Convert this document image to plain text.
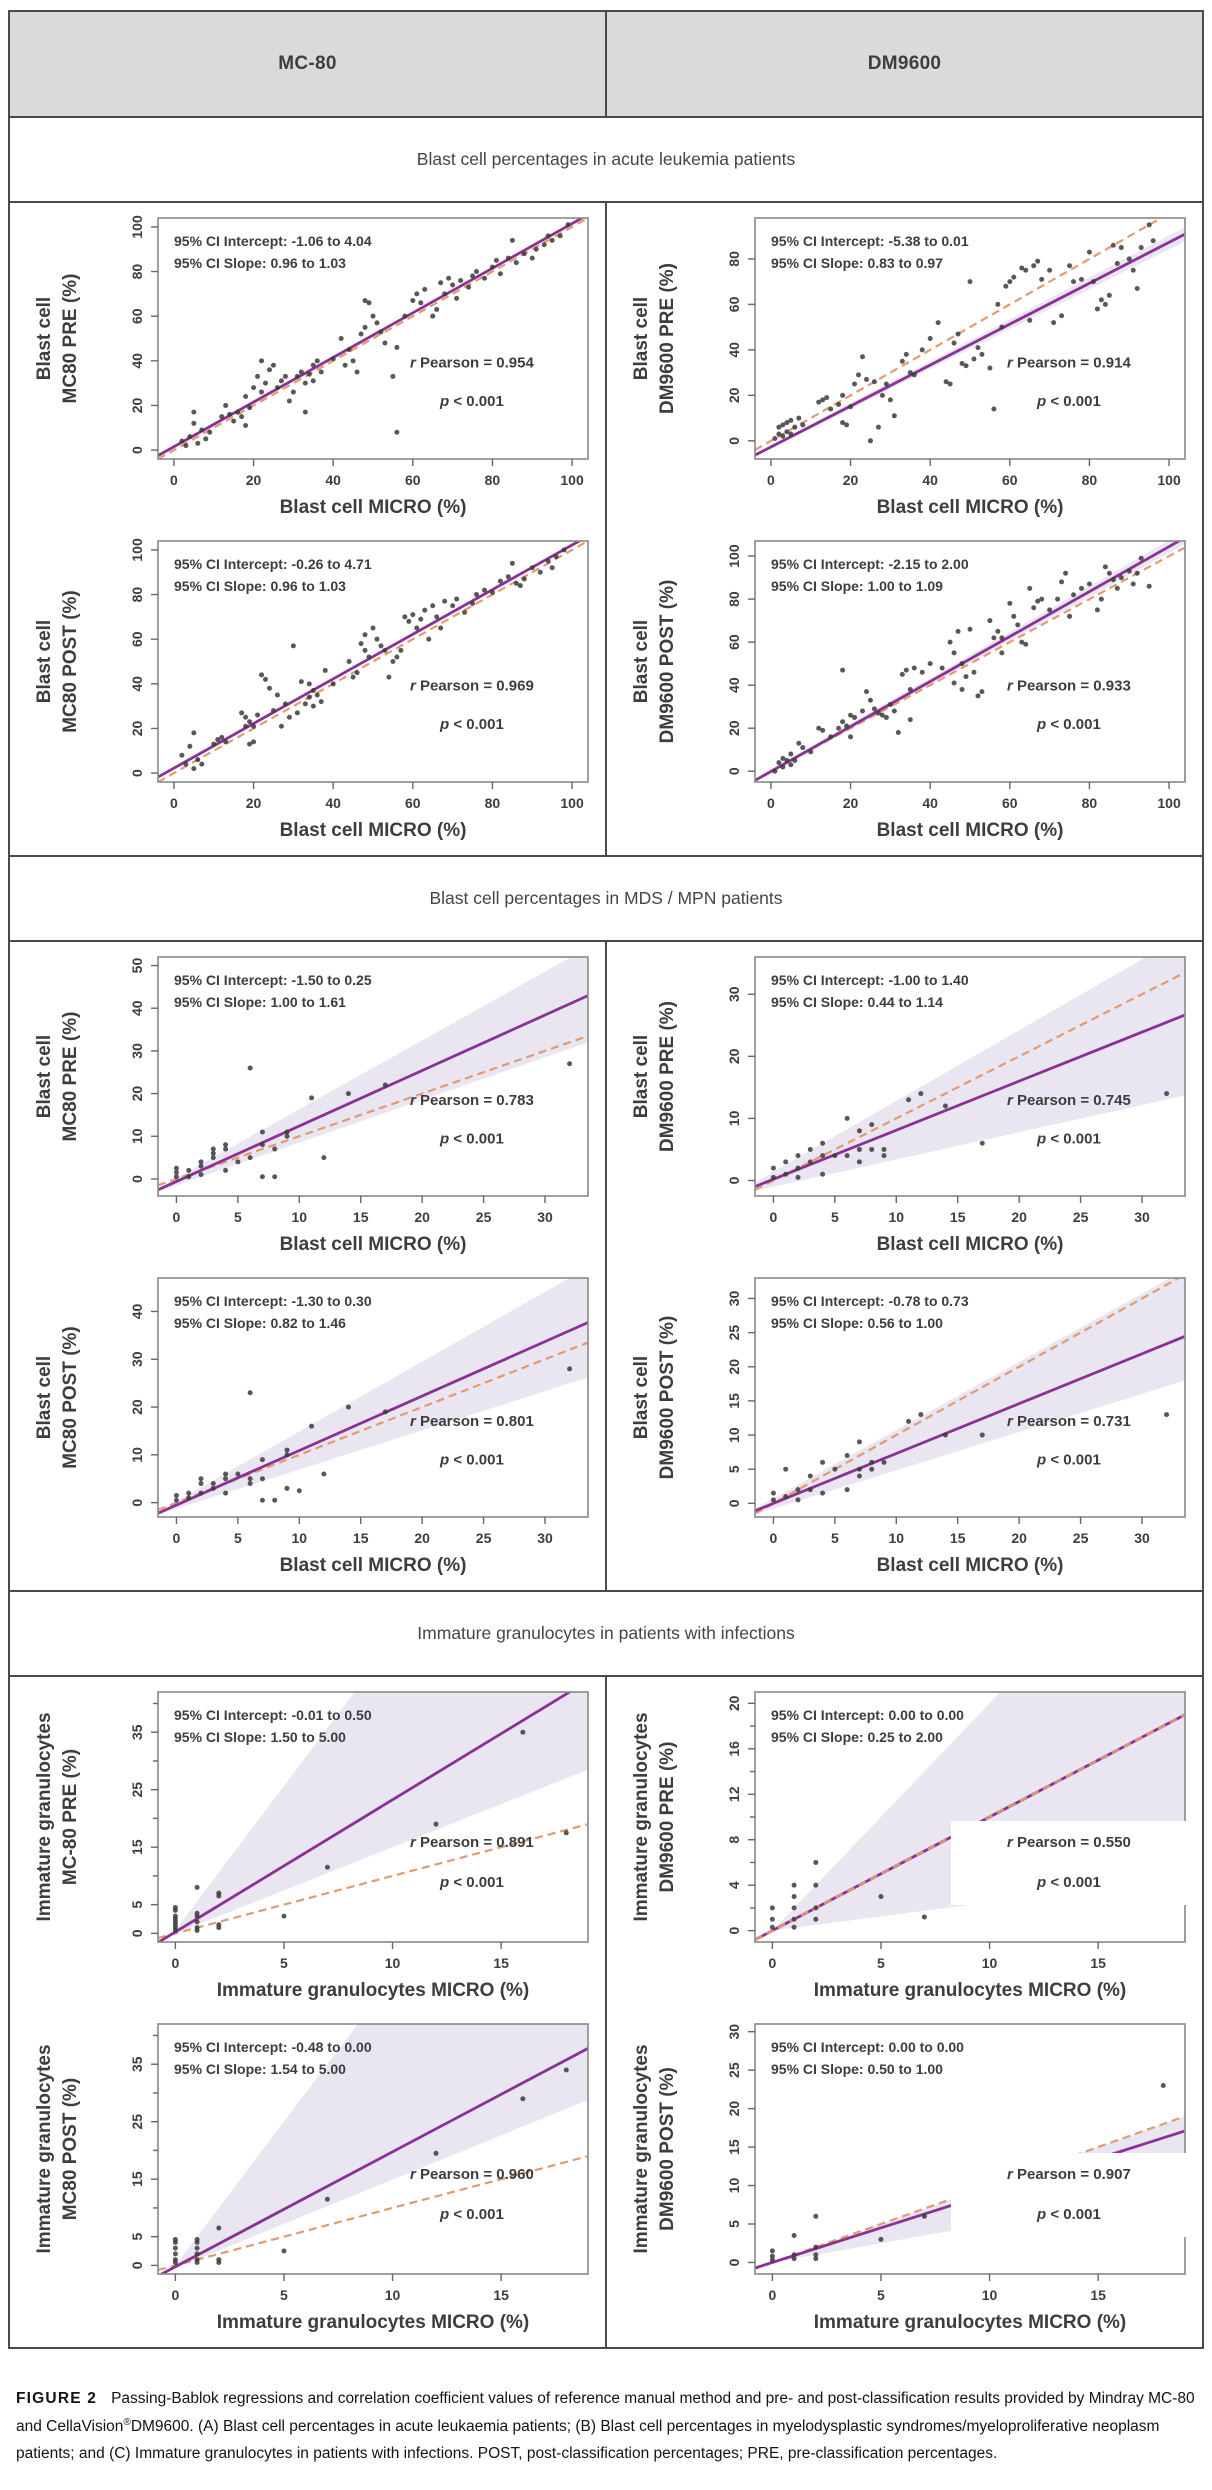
MC-80	DM9600
Blast cell percentages in acute leukemia patients
0	20	40	60	80	100
0
20
40
60
80
100
Blast cell MC80 PRE (%)
Blast cell MICRO (%)
95% CI Intercept: -1.06 to 4.04
95% CI Slope: 0.96 to 1.03
r Pearson = 0.954
p < 0.001
0	20	40	60	80	100
0
20
40
60
80
100
Blast cell MC80 POST (%)
Blast cell MICRO (%)
95% CI Intercept: -0.26 to 4.71
95% CI Slope: 0.96 to 1.03
r Pearson = 0.969
p < 0.001
0	20	40	60	80	100
0
20
40
60
80
Blast cell DM9600 PRE (%)
Blast cell MICRO (%)
95% CI Intercept: -5.38 to 0.01
95% CI Slope: 0.83 to 0.97
r Pearson = 0.914
p < 0.001
0	20	40	60	80	100
0
20
40
60
80
100
Blast cell DM9600 POST (%)
Blast cell MICRO (%)
95% CI Intercept: -2.15 to 2.00
95% CI Slope: 1.00 to 1.09
r Pearson = 0.933
p < 0.001
Blast cell percentages in MDS / MPN patients
0	5	10	15	20	25	30
0
10
20
30
40
50
Blast cell MC80 PRE (%)
Blast cell MICRO (%)
95% CI Intercept: -1.50 to 0.25
95% CI Slope: 1.00 to 1.61
r Pearson = 0.783
p < 0.001
0	5	10	15	20	25	30
0
10
20
30
40
Blast cell MC80 POST (%)
Blast cell MICRO (%)
95% CI Intercept: -1.30 to 0.30
95% CI Slope: 0.82 to 1.46
r Pearson = 0.801
p < 0.001
0	5	10	15	20	25	30
0
10
20
30
Blast cell DM9600 PRE (%)
Blast cell MICRO (%)
95% CI Intercept: -1.00 to 1.40
95% CI Slope: 0.44 to 1.14
r Pearson = 0.745
p < 0.001
0	5	10	15	20	25	30
0
5
10
15
20
25
30
Blast cell DM9600 POST (%)
Blast cell MICRO (%)
95% CI Intercept: -0.78 to 0.73
95% CI Slope: 0.56 to 1.00
r Pearson = 0.731
p < 0.001
Immature granulocytes in patients with infections
0	5	10	15
0
5
15
25
35
Immature granulocytes MC-80 PRE (%)
Immature granulocytes MICRO (%)
95% CI Intercept: -0.01 to 0.50
95% CI Slope: 1.50 to 5.00
r Pearson = 0.891
p < 0.001
0	5	10	15
0
5
15
25
35
Immature granulocytes MC80 POST (%)
Immature granulocytes MICRO (%)
95% CI Intercept: -0.48 to 0.00
95% CI Slope: 1.54 to 5.00
r Pearson = 0.960
p < 0.001
0	5	10	15
0
4
8
12
16
20
Immature granulocytes DM9600 PRE (%)
Immature granulocytes MICRO (%)
95% CI Intercept: 0.00 to 0.00
95% CI Slope: 0.25 to 2.00
r Pearson = 0.550
p < 0.001
0	5	10	15
0
5
10
15
20
25
30
Immature granulocytes DM9600 POST (%)
Immature granulocytes MICRO (%)
95% CI Intercept: 0.00 to 0.00
95% CI Slope: 0.50 to 1.00
r Pearson = 0.907
p < 0.001

FIGURE 2 Passing-Bablok regressions and correlation coefficient values of reference manual method and pre- and post-classification results provided by Mindray MC-80 and CellaVision®DM9600. (A) Blast cell percentages in acute leukaemia patients; (B) Blast cell percentages in myelodysplastic syndromes/myeloproliferative neoplasm patients; and (C) Immature granulocytes in patients with infections. POST, post-classification percentages; PRE, pre-classification percentages.
